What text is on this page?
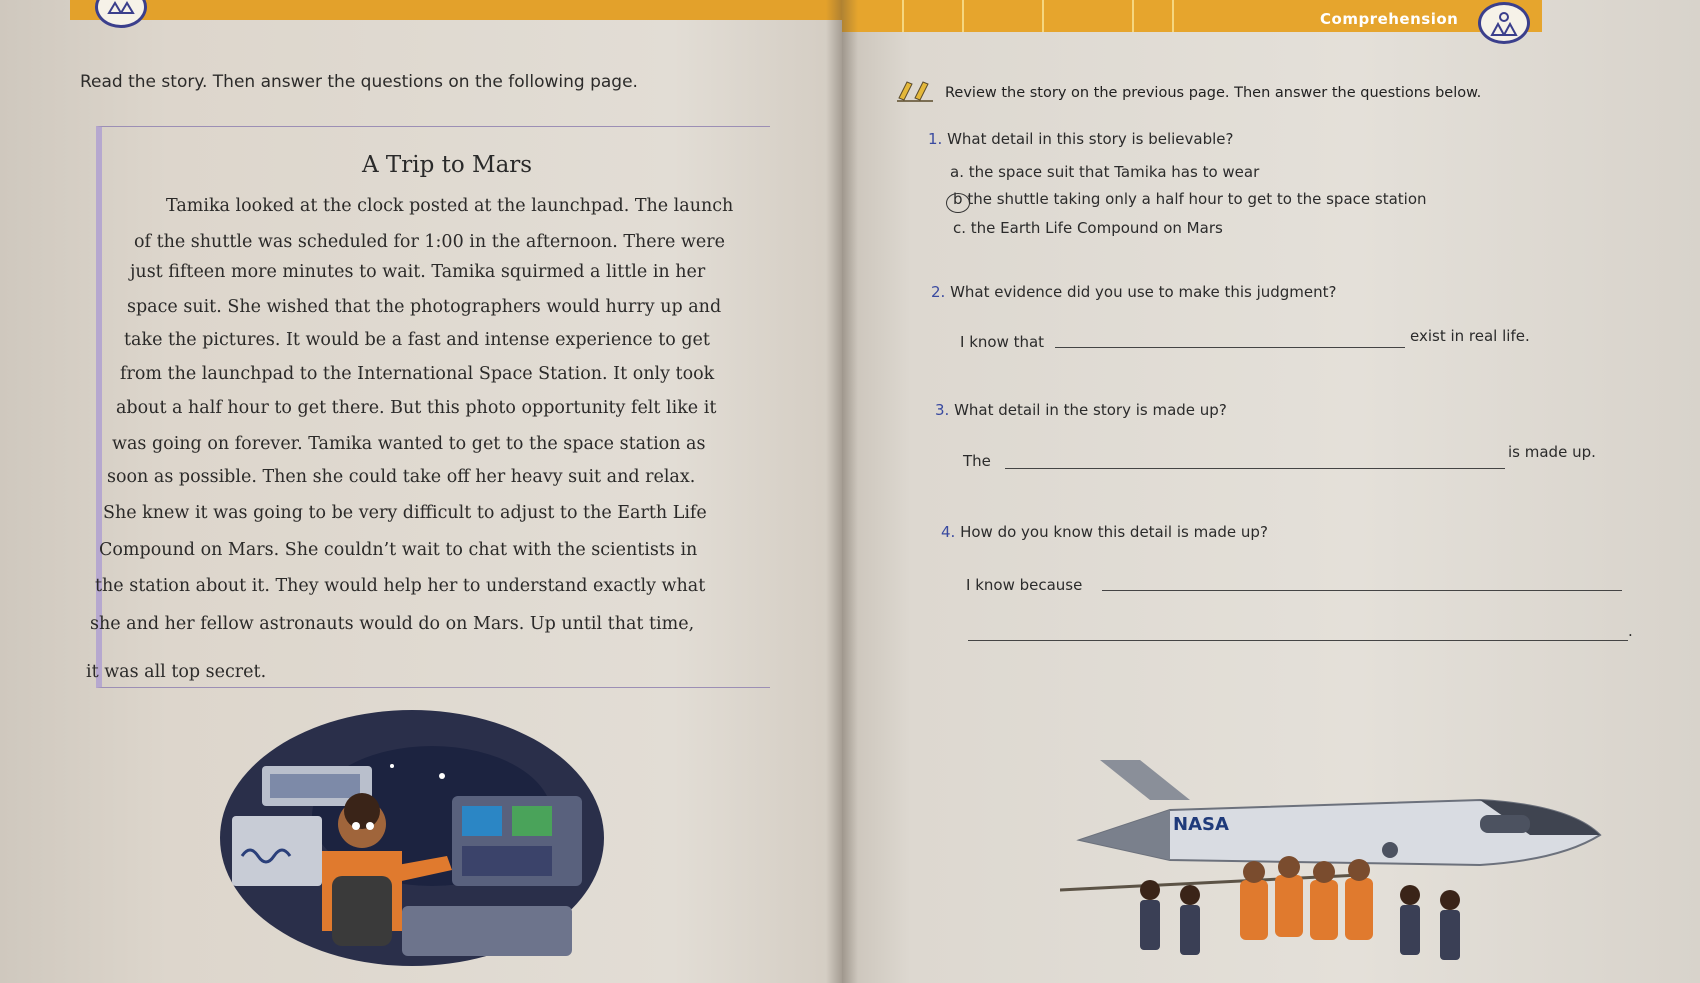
Read the story. Then answer the questions on the following page.
A Trip to Mars
Tamika looked at the clock posted at the launchpad. The launch
of the shuttle was scheduled for 1:00 in the afternoon. There were
just fifteen more minutes to wait. Tamika squirmed a little in her
space suit. She wished that the photographers would hurry up and
take the pictures. It would be a fast and intense experience to get
from the launchpad to the International Space Station. It only took
about a half hour to get there. But this photo opportunity felt like it
was going on forever. Tamika wanted to get to the space station as
soon as possible. Then she could take off her heavy suit and relax.
She knew it was going to be very difficult to adjust to the Earth Life
Compound on Mars. She couldn’t wait to chat with the scientists in
the station about it. They would help her to understand exactly what
she and her fellow astronauts would do on Mars. Up until that time,
it was all top secret.
Comprehension
Review the story on the previous page. Then answer the questions below.
1. What detail in this story is believable?
a. the space suit that Tamika has to wear
b the shuttle taking only a half hour to get to the space station
c. the Earth Life Compound on Mars
2. What evidence did you use to make this judgment?
I know that	exist in real life.
3. What detail in the story is made up?
The	is made up.
4. How do you know this detail is made up?
I know because
.
NASA
